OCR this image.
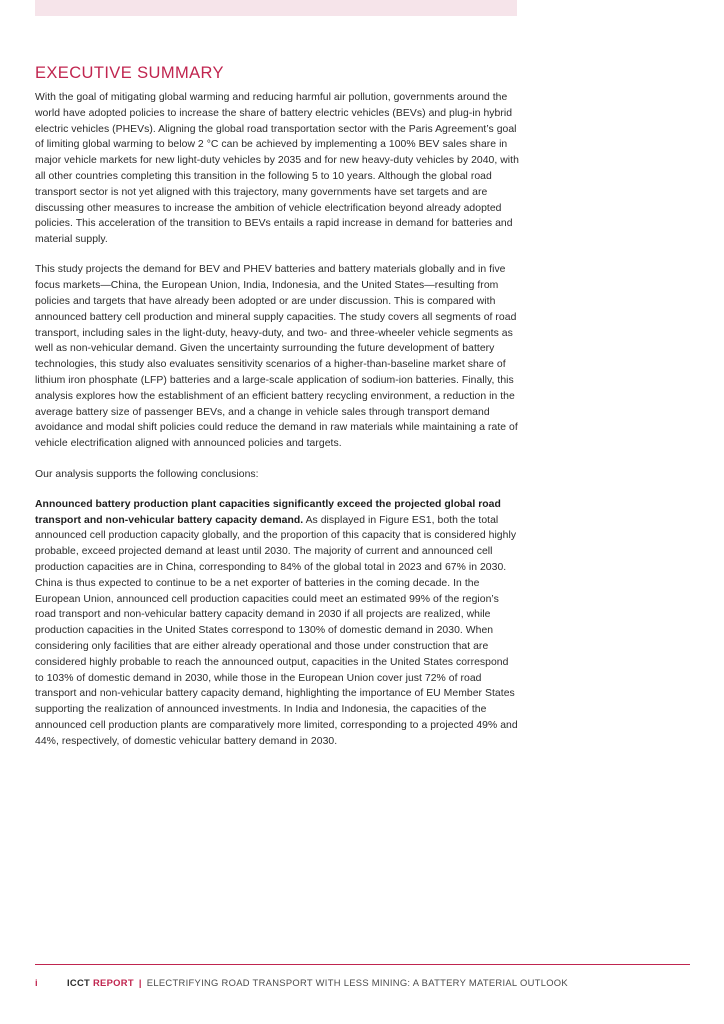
EXECUTIVE SUMMARY

With the goal of mitigating global warming and reducing harmful air pollution, governments around the world have adopted policies to increase the share of battery electric vehicles (BEVs) and plug-in hybrid electric vehicles (PHEVs). Aligning the global road transportation sector with the Paris Agreement’s goal of limiting global warming to below 2 °C can be achieved by implementing a 100% BEV sales share in major vehicle markets for new light-duty vehicles by 2035 and for new heavy-duty vehicles by 2040, with all other countries completing this transition in the following 5 to 10 years. Although the global road transport sector is not yet aligned with this trajectory, many governments have set targets and are discussing other measures to increase the ambition of vehicle electrification beyond already adopted policies. This acceleration of the transition to BEVs entails a rapid increase in demand for batteries and material supply.

This study projects the demand for BEV and PHEV batteries and battery materials globally and in five focus markets—China, the European Union, India, Indonesia, and the United States—resulting from policies and targets that have already been adopted or are under discussion. This is compared with announced battery cell production and mineral supply capacities. The study covers all segments of road transport, including sales in the light-duty, heavy-duty, and two- and three-wheeler vehicle segments as well as non-vehicular demand. Given the uncertainty surrounding the future development of battery technologies, this study also evaluates sensitivity scenarios of a higher-than-baseline market share of lithium iron phosphate (LFP) batteries and a large-scale application of sodium-ion batteries. Finally, this analysis explores how the establishment of an efficient battery recycling environment, a reduction in the average battery size of passenger BEVs, and a change in vehicle sales through transport demand avoidance and modal shift policies could reduce the demand in raw materials while maintaining a rate of vehicle electrification aligned with announced policies and targets.

Our analysis supports the following conclusions:

Announced battery production plant capacities significantly exceed the projected global road transport and non-vehicular battery capacity demand. As displayed in Figure ES1, both the total announced cell production capacity globally, and the proportion of this capacity that is considered highly probable, exceed projected demand at least until 2030. The majority of current and announced cell production capacities are in China, corresponding to 84% of the global total in 2023 and 67% in 2030. China is thus expected to continue to be a net exporter of batteries in the coming decade. In the European Union, announced cell production capacities could meet an estimated 99% of the region’s road transport and non-vehicular battery capacity demand in 2030 if all projects are realized, while production capacities in the United States correspond to 130% of domestic demand in 2030. When considering only facilities that are either already operational and those under construction that are considered highly probable to reach the announced output, capacities in the United States correspond to 103% of domestic demand in 2030, while those in the European Union cover just 72% of road transport and non-vehicular battery capacity demand, highlighting the importance of EU Member States supporting the realization of announced investments. In India and Indonesia, the capacities of the announced cell production plants are comparatively more limited, corresponding to a projected 49% and 44%, respectively, of domestic vehicular battery demand in 2030.

i	ICCT REPORT | ELECTRIFYING ROAD TRANSPORT WITH LESS MINING: A BATTERY MATERIAL OUTLOOK
